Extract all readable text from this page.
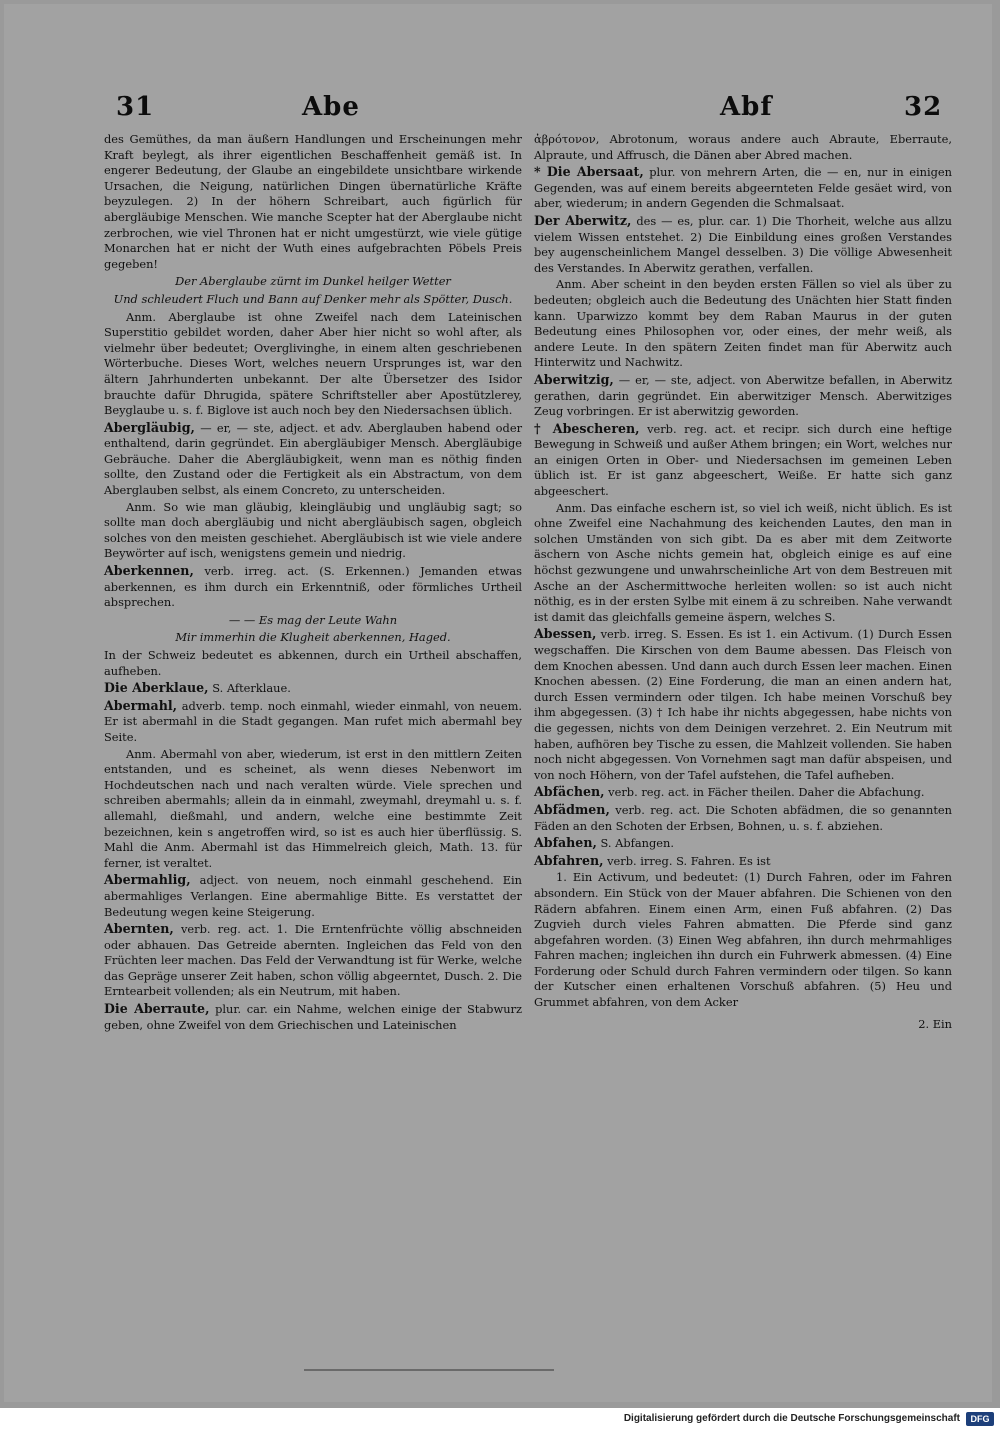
31	Abe	Abf	32

des Gemüthes, da man äußern Handlungen und Erscheinungen mehr Kraft beylegt, als ihrer eigentlichen Beschaffenheit gemäß ist. In engerer Bedeutung, der Glaube an eingebildete unsichtbare wirkende Ursachen, die Neigung, natürlichen Dingen übernatürliche Kräfte beyzulegen. 2) In der höhern Schreibart, auch figürlich für abergläubige Menschen. Wie manche Scepter hat der Aberglaube nicht zerbrochen, wie viel Thronen hat er nicht umgestürzt, wie viele gütige Monarchen hat er nicht der Wuth eines aufgebrachten Pöbels Preis gegeben!

Der Aberglaube zürnt im Dunkel heilger Wetter

Und schleudert Fluch und Bann auf Denker mehr als Spötter, Dusch.

Anm. Aberglaube ist ohne Zweifel nach dem Lateinischen Superstitio gebildet worden, daher Aber hier nicht so wohl after, als vielmehr über bedeutet; Overglivinghe, in einem alten geschriebenen Wörterbuche. Dieses Wort, welches neuern Ursprunges ist, war den ältern Jahrhunderten unbekannt. Der alte Übersetzer des Isidor brauchte dafür Dhrugida, spätere Schriftsteller aber Apostützlerey, Beyglaube u. s. f. Biglove ist auch noch bey den Niedersachsen üblich.

Abergläubig, — er, — ste, adject. et adv. Aberglauben habend oder enthaltend, darin gegründet. Ein abergläubiger Mensch. Abergläubige Gebräuche. Daher die Abergläubigkeit, wenn man es nöthig finden sollte, den Zustand oder die Fertigkeit als ein Abstractum, von dem Aberglauben selbst, als einem Concreto, zu unterscheiden.

Anm. So wie man gläubig, kleingläubig und ungläubig sagt; so sollte man doch abergläubig und nicht abergläubisch sagen, obgleich solches von den meisten geschiehet. Abergläubisch ist wie viele andere Beywörter auf isch, wenigstens gemein und niedrig.

Aberkennen, verb. irreg. act. (S. Erkennen.) Jemanden etwas aberkennen, es ihm durch ein Erkenntniß, oder förmliches Urtheil absprechen.

— — Es mag der Leute Wahn

Mir immerhin die Klugheit aberkennen, Haged.

In der Schweiz bedeutet es abkennen, durch ein Urtheil abschaffen, aufheben.

Die Aberklaue, S. Afterklaue.

Abermahl, adverb. temp. noch einmahl, wieder einmahl, von neuem. Er ist abermahl in die Stadt gegangen. Man rufet mich abermahl bey Seite.

Anm. Abermahl von aber, wiederum, ist erst in den mittlern Zeiten entstanden, und es scheinet, als wenn dieses Nebenwort im Hochdeutschen nach und nach veralten würde. Viele sprechen und schreiben abermahls; allein da in einmahl, zweymahl, dreymahl u. s. f. allemahl, dießmahl, und andern, welche eine bestimmte Zeit bezeichnen, kein s angetroffen wird, so ist es auch hier überflüssig. S. Mahl die Anm. Abermahl ist das Himmelreich gleich, Math. 13. für ferner, ist veraltet.

Abermahlig, adject. von neuem, noch einmahl geschehend. Ein abermahliges Verlangen. Eine abermahlige Bitte. Es verstattet der Bedeutung wegen keine Steigerung.

Abernten, verb. reg. act. 1. Die Erntenfrüchte völlig abschneiden oder abhauen. Das Getreide abernten. Ingleichen das Feld von den Früchten leer machen. Das Feld der Verwandtung ist für Werke, welche das Gepräge unserer Zeit haben, schon völlig abgeerntet, Dusch. 2. Die Erntearbeit vollenden; als ein Neutrum, mit haben.

Die Aberraute, plur. car. ein Nahme, welchen einige der Stabwurz geben, ohne Zweifel von dem Griechischen und Lateinischen

ἀβρότονον, Abrotonum, woraus andere auch Abraute, Eberraute, Alpraute, und Affrusch, die Dänen aber Abred machen.

* Die Abersaat, plur. von mehrern Arten, die — en, nur in einigen Gegenden, was auf einem bereits abgeernteten Felde gesäet wird, von aber, wiederum; in andern Gegenden die Schmalsaat.

Der Aberwitz, des — es, plur. car. 1) Die Thorheit, welche aus allzu vielem Wissen entstehet. 2) Die Einbildung eines großen Verstandes bey augenscheinlichem Mangel desselben. 3) Die völlige Abwesenheit des Verstandes. In Aberwitz gerathen, verfallen.

Anm. Aber scheint in den beyden ersten Fällen so viel als über zu bedeuten; obgleich auch die Bedeutung des Unächten hier Statt finden kann. Uparwizzo kommt bey dem Raban Maurus in der guten Bedeutung eines Philosophen vor, oder eines, der mehr weiß, als andere Leute. In den spätern Zeiten findet man für Aberwitz auch Hinterwitz und Nachwitz.

Aberwitzig, — er, — ste, adject. von Aberwitze befallen, in Aberwitz gerathen, darin gegründet. Ein aberwitziger Mensch. Aberwitziges Zeug vorbringen. Er ist aberwitzig geworden.

† Abescheren, verb. reg. act. et recipr. sich durch eine heftige Bewegung in Schweiß und außer Athem bringen; ein Wort, welches nur an einigen Orten in Ober- und Niedersachsen im gemeinen Leben üblich ist. Er ist ganz abgeeschert, Weiße. Er hatte sich ganz abgeeschert.

Anm. Das einfache eschern ist, so viel ich weiß, nicht üblich. Es ist ohne Zweifel eine Nachahmung des keichenden Lautes, den man in solchen Umständen von sich gibt. Da es aber mit dem Zeitworte äschern von Asche nichts gemein hat, obgleich einige es auf eine höchst gezwungene und unwahrscheinliche Art von dem Bestreuen mit Asche an der Aschermittwoche herleiten wollen: so ist auch nicht nöthig, es in der ersten Sylbe mit einem ä zu schreiben. Nahe verwandt ist damit das gleichfalls gemeine äspern, welches S.

Abessen, verb. irreg. S. Essen. Es ist 1. ein Activum. (1) Durch Essen wegschaffen. Die Kirschen von dem Baume abessen. Das Fleisch von dem Knochen abessen. Und dann auch durch Essen leer machen. Einen Knochen abessen. (2) Eine Forderung, die man an einen andern hat, durch Essen vermindern oder tilgen. Ich habe meinen Vorschuß bey ihm abgegessen. (3) † Ich habe ihr nichts abgegessen, habe nichts von die gegessen, nichts von dem Deinigen verzehret. 2. Ein Neutrum mit haben, aufhören bey Tische zu essen, die Mahlzeit vollenden. Sie haben noch nicht abgegessen. Von Vornehmen sagt man dafür abspeisen, und von noch Höhern, von der Tafel aufstehen, die Tafel aufheben.

Abfächen, verb. reg. act. in Fächer theilen. Daher die Abfachung.

Abfädmen, verb. reg. act. Die Schoten abfädmen, die so genannten Fäden an den Schoten der Erbsen, Bohnen, u. s. f. abziehen.

Abfahen, S. Abfangen.

Abfahren, verb. irreg. S. Fahren. Es ist

1. Ein Activum, und bedeutet: (1) Durch Fahren, oder im Fahren absondern. Ein Stück von der Mauer abfahren. Die Schienen von den Rädern abfahren. Einem einen Arm, einen Fuß abfahren. (2) Das Zugvieh durch vieles Fahren abmatten. Die Pferde sind ganz abgefahren worden. (3) Einen Weg abfahren, ihn durch mehrmahliges Fahren machen; ingleichen ihn durch ein Fuhrwerk abmessen. (4) Eine Forderung oder Schuld durch Fahren vermindern oder tilgen. So kann der Kutscher einen erhaltenen Vorschuß abfahren. (5) Heu und Grummet abfahren, von dem Acker

2. Ein

Digitalisierung gefördert durch die Deutsche Forschungsgemeinschaft	DFG
